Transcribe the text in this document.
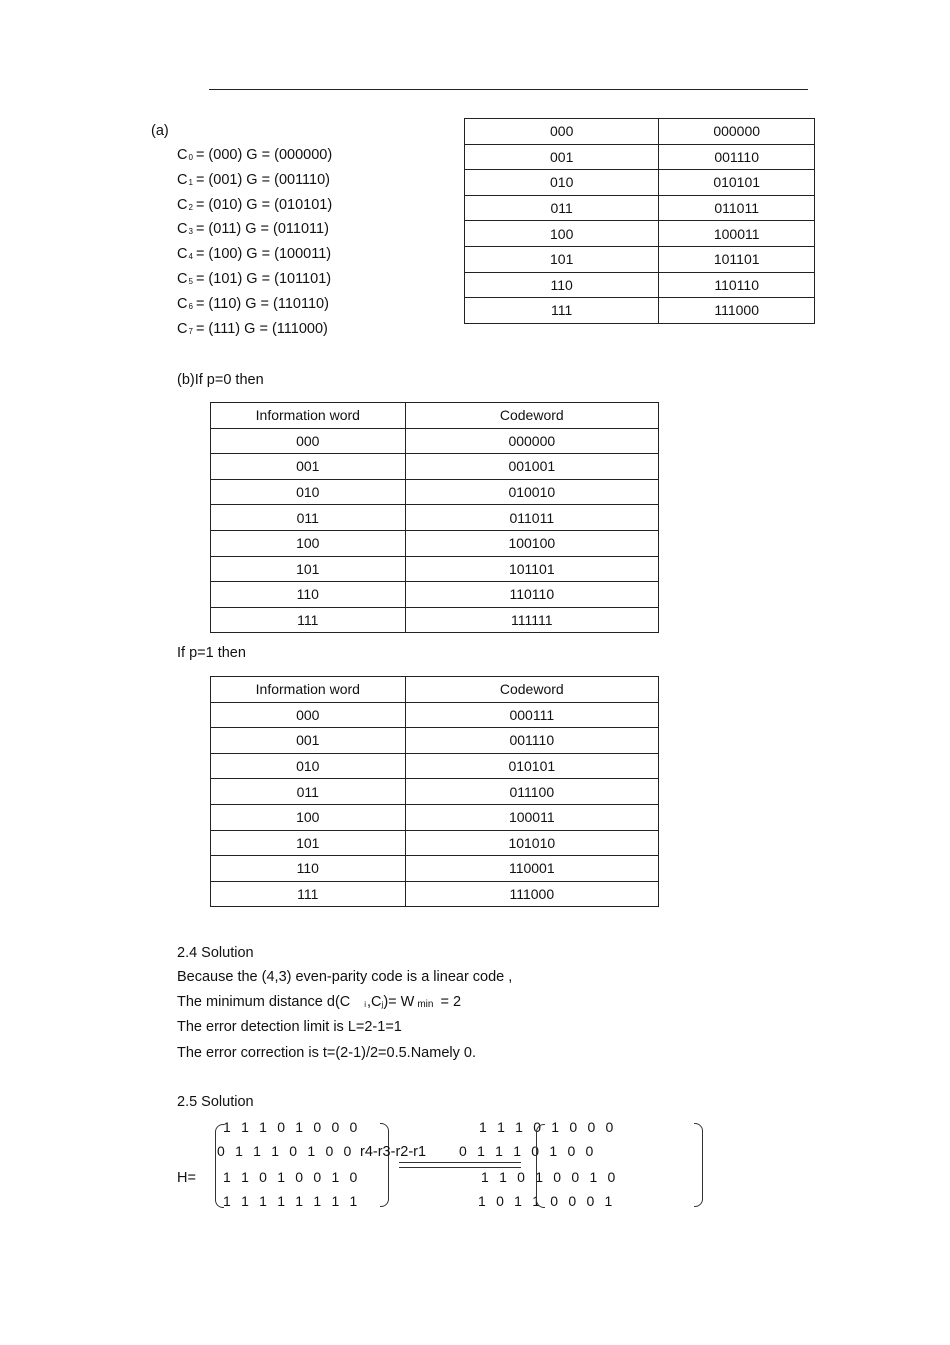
(a)
C0 = (000) G = (000000)
C1 = (001) G = (001110)
C2 = (010) G = (010101)
C3 = (011) G = (011011)
C4 = (100) G = (100011)
C5 = (101) G = (101101)
C6 = (110) G = (110110)
C7 = (111) G = (111000)
000	000000
001	001110
010	010101
011	011011
100	100011
101	101101
110	110110
111	111000
(b)If p=0 then
Information word	Codeword
000	000000
001	001001
010	010010
011	011011
100	100100
101	101101
110	110110
111	111111
If p=1 then
Information word	Codeword
000	000111
001	001110
010	010101
011	011100
100	100011
101	101010
110	110001
111	111000
2.4 Solution
Because the (4,3) even-parity code is a linear code ,
The minimum distance d(C i,Cj)= W min = 2
The error detection limit is L=2-1=1
The error correction is t=(2-1)/2=0.5.Namely 0.
2.5 Solution
H=
1 1 1 0 1 0 0 0
0 1 1 1 0 1 0 0
1 1 0 1 0 0 1 0
1 1 1 1 1 1 1 1
r4-r3-r2-r1
1 1 1 0 1 0 0 0
0 1 1 1 0 1 0 0
1 1 0 1 0 0 1 0
1 0 1 1 0 0 0 1
